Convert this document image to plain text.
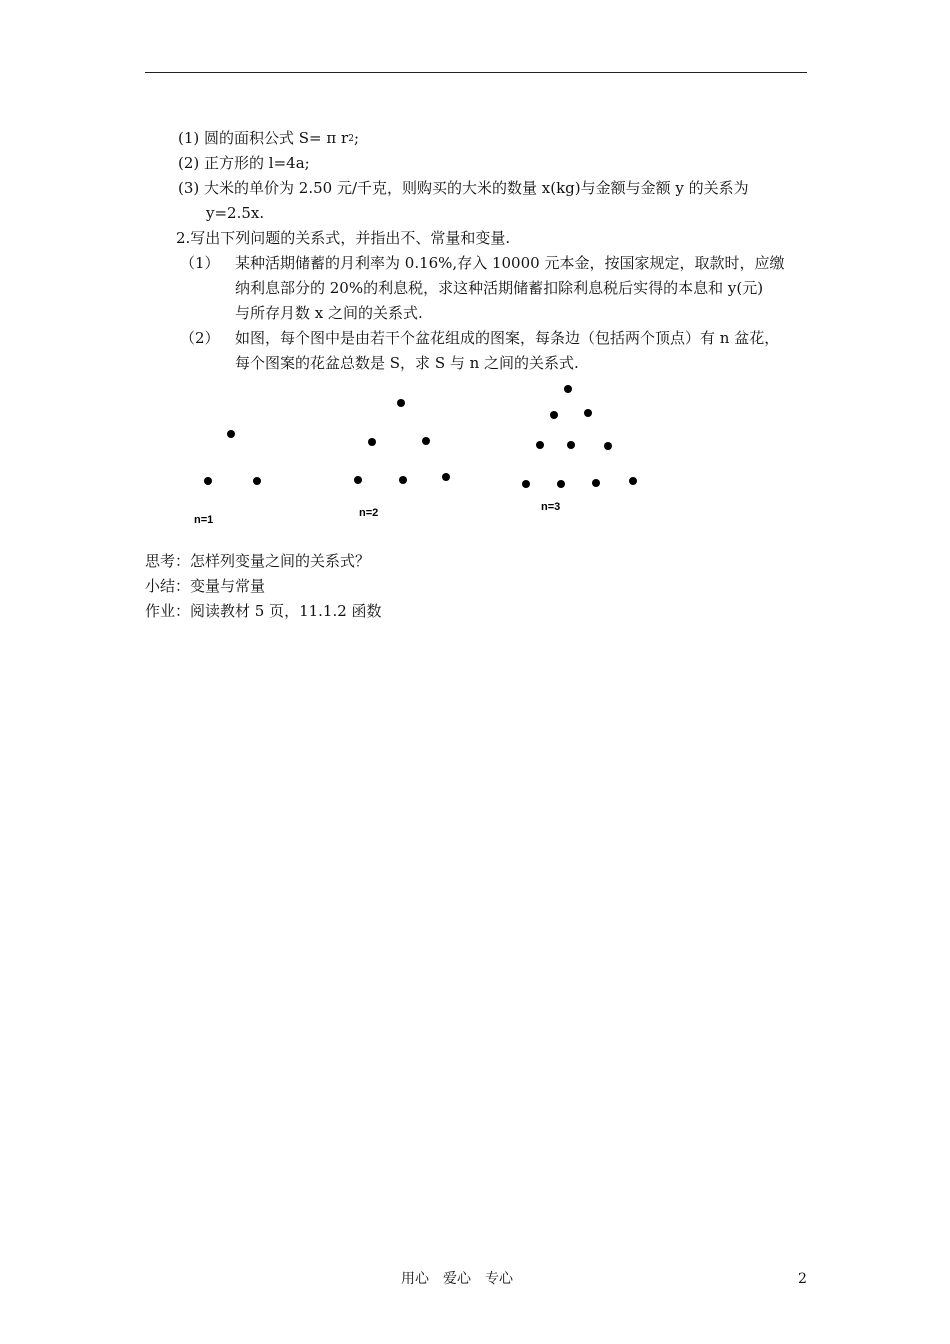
(1) 圆的面积公式 S= π $r^2$;
(2) 正方形的 l=4a;
(3) 大米的单价为 2.50 元/千克，则购买的大米的数量 x(kg)与金额与金额 y 的关系为
y=2.5x.
2.写出下列问题的关系式，并指出不、常量和变量.
（1） 某种活期储蓄的月利率为 0.16%,存入 10000 元本金，按国家规定，取款时，应缴
纳利息部分的 20%的利息税，求这种活期储蓄扣除利息税后实得的本息和 y(元)
与所存月数 x 之间的关系式.
（2） 如图，每个图中是由若干个盆花组成的图案，每条边（包括两个顶点）有 n 盆花，
每个图案的花盆总数是 S，求 S 与 n 之间的关系式.
n=1
n=2	n=3
思考：怎样列变量之间的关系式？
小结：变量与常量
作业：阅读教材 5 页，11.1.2 函数
用心　爱心　专心	2
